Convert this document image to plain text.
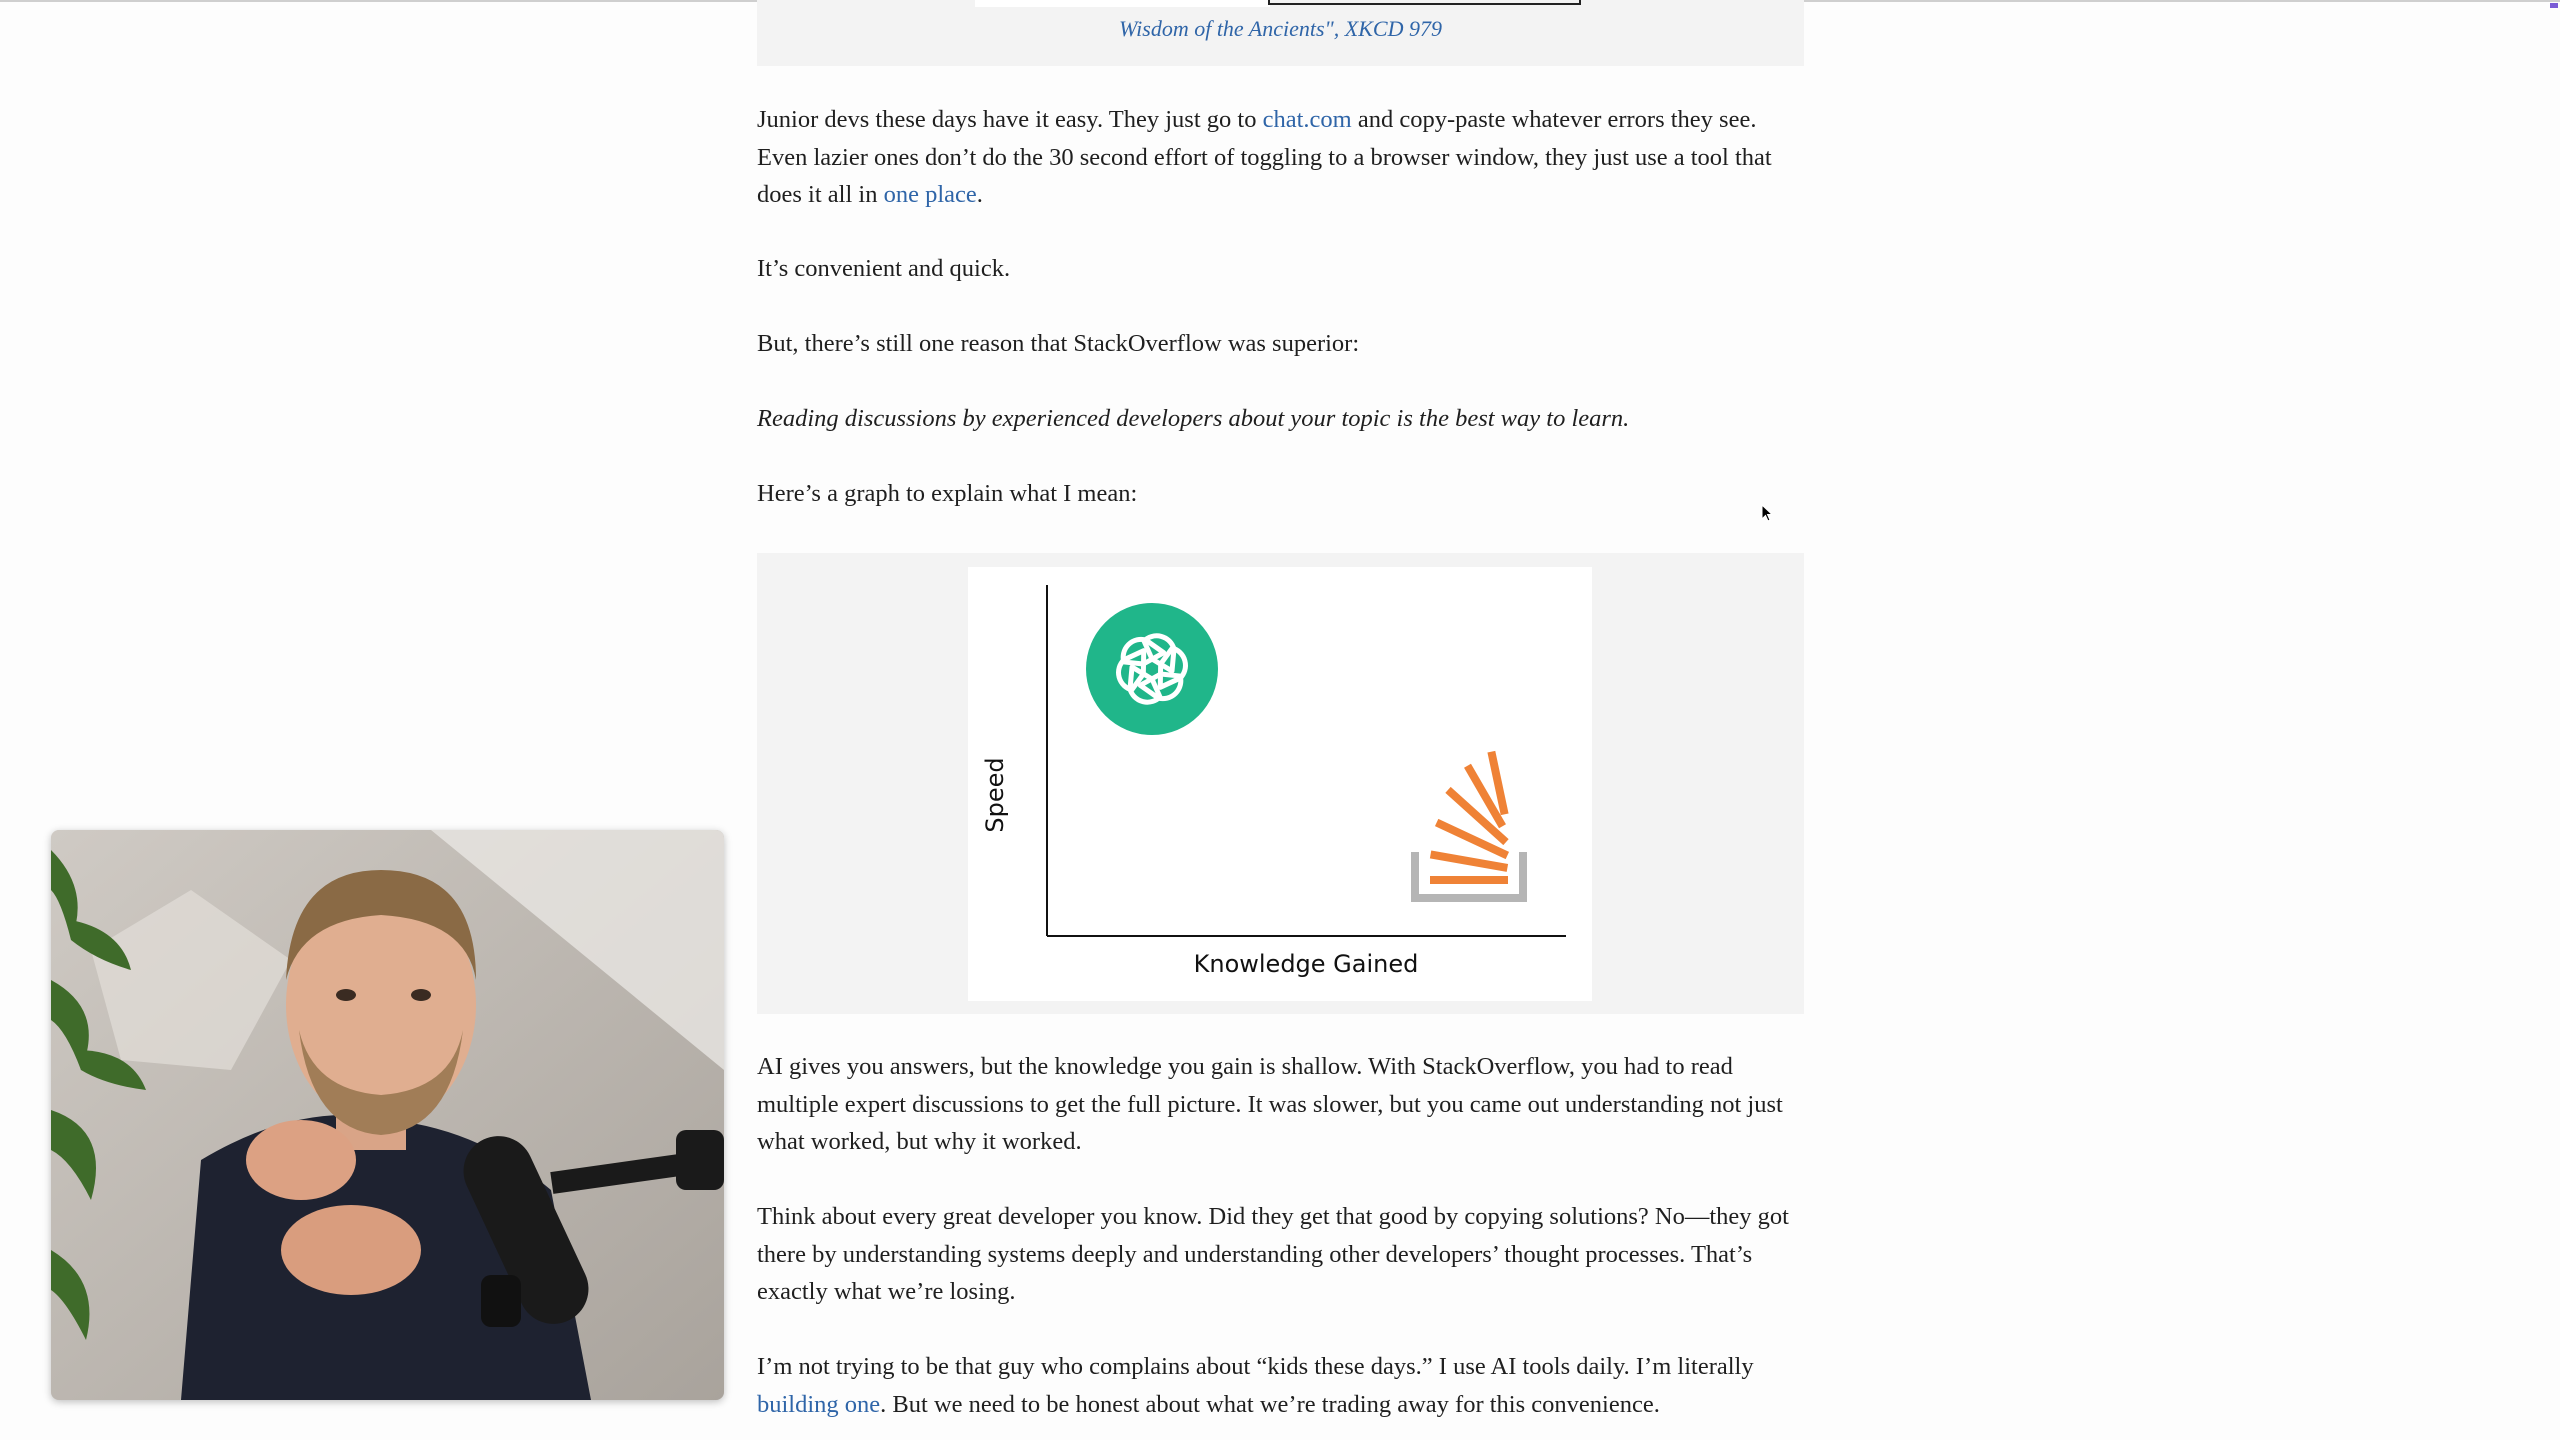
Wisdom of the Ancients", XKCD 979

Junior devs these days have it easy. They just go to chat.com and copy-paste whatever errors they see. Even lazier ones don’t do the 30 second effort of toggling to a browser window, they just use a tool that does it all in one place.

It’s convenient and quick.

But, there’s still one reason that StackOverflow was superior:

Reading discussions by experienced developers about your topic is the best way to learn.

Here’s a graph to explain what I mean:

Speed
Knowledge Gained

AI gives you answers, but the knowledge you gain is shallow. With StackOverflow, you had to read multiple expert discussions to get the full picture. It was slower, but you came out understanding not just what worked, but why it worked.

Think about every great developer you know. Did they get that good by copying solutions? No—they got there by understanding systems deeply and understanding other developers’ thought processes. That’s exactly what we’re losing.

I’m not trying to be that guy who complains about “kids these days.” I use AI tools daily. I’m literally building one. But we need to be honest about what we’re trading away for this convenience.
